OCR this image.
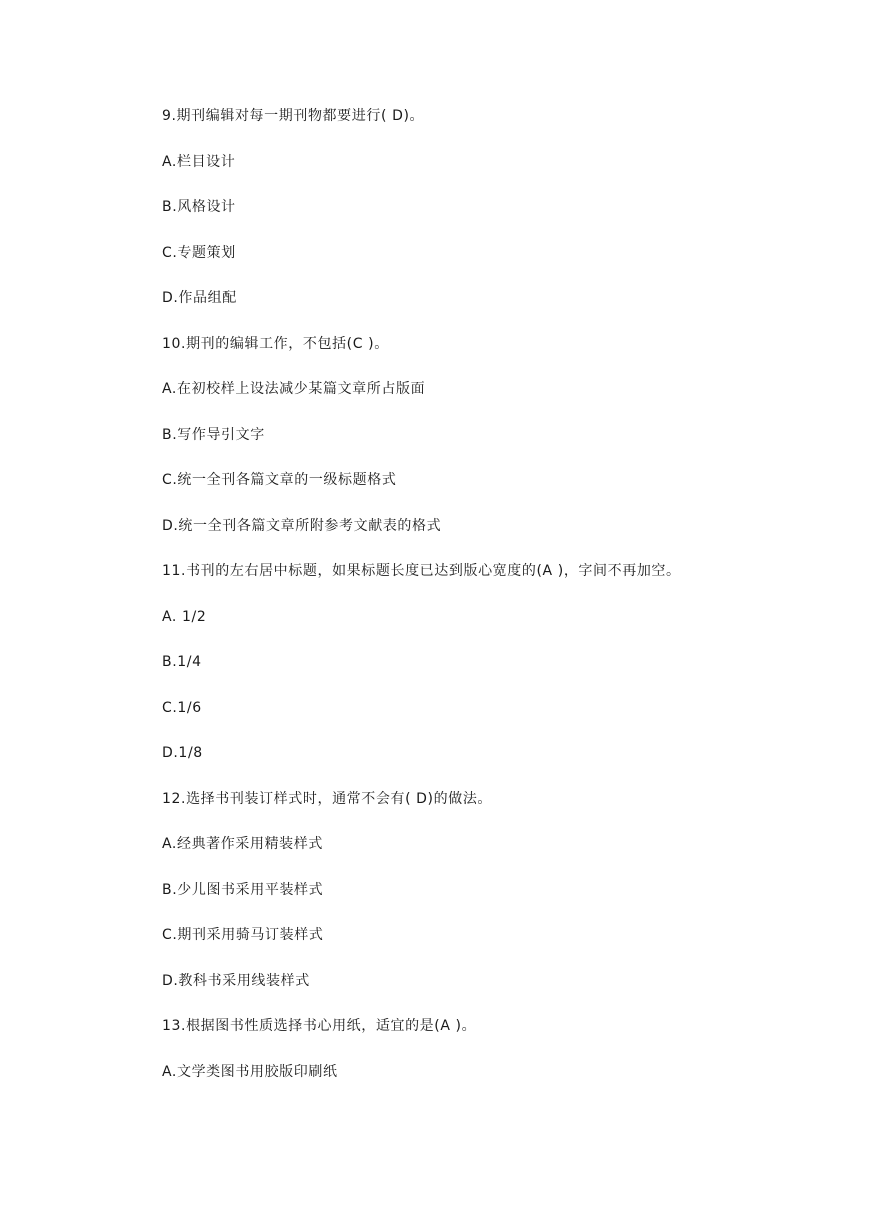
9.期刊编辑对每一期刊物都要进行( D)。
A.栏目设计
B.风格设计
C.专题策划
D.作品组配
10.期刊的编辑工作，不包括(C )。
A.在初校样上设法减少某篇文章所占版面
B.写作导引文字
C.统一全刊各篇文章的一级标题格式
D.统一全刊各篇文章所附参考文献表的格式
11.书刊的左右居中标题，如果标题长度已达到版心宽度的(A )，字间不再加空。
A. 1/2
B.1/4
C.1/6
D.1/8
12.选择书刊装订样式时，通常不会有( D)的做法。
A.经典著作采用精装样式
B.少儿图书采用平装样式
C.期刊采用骑马订装样式
D.教科书采用线装样式
13.根据图书性质选择书心用纸，适宜的是(A )。
A.文学类图书用胶版印刷纸
